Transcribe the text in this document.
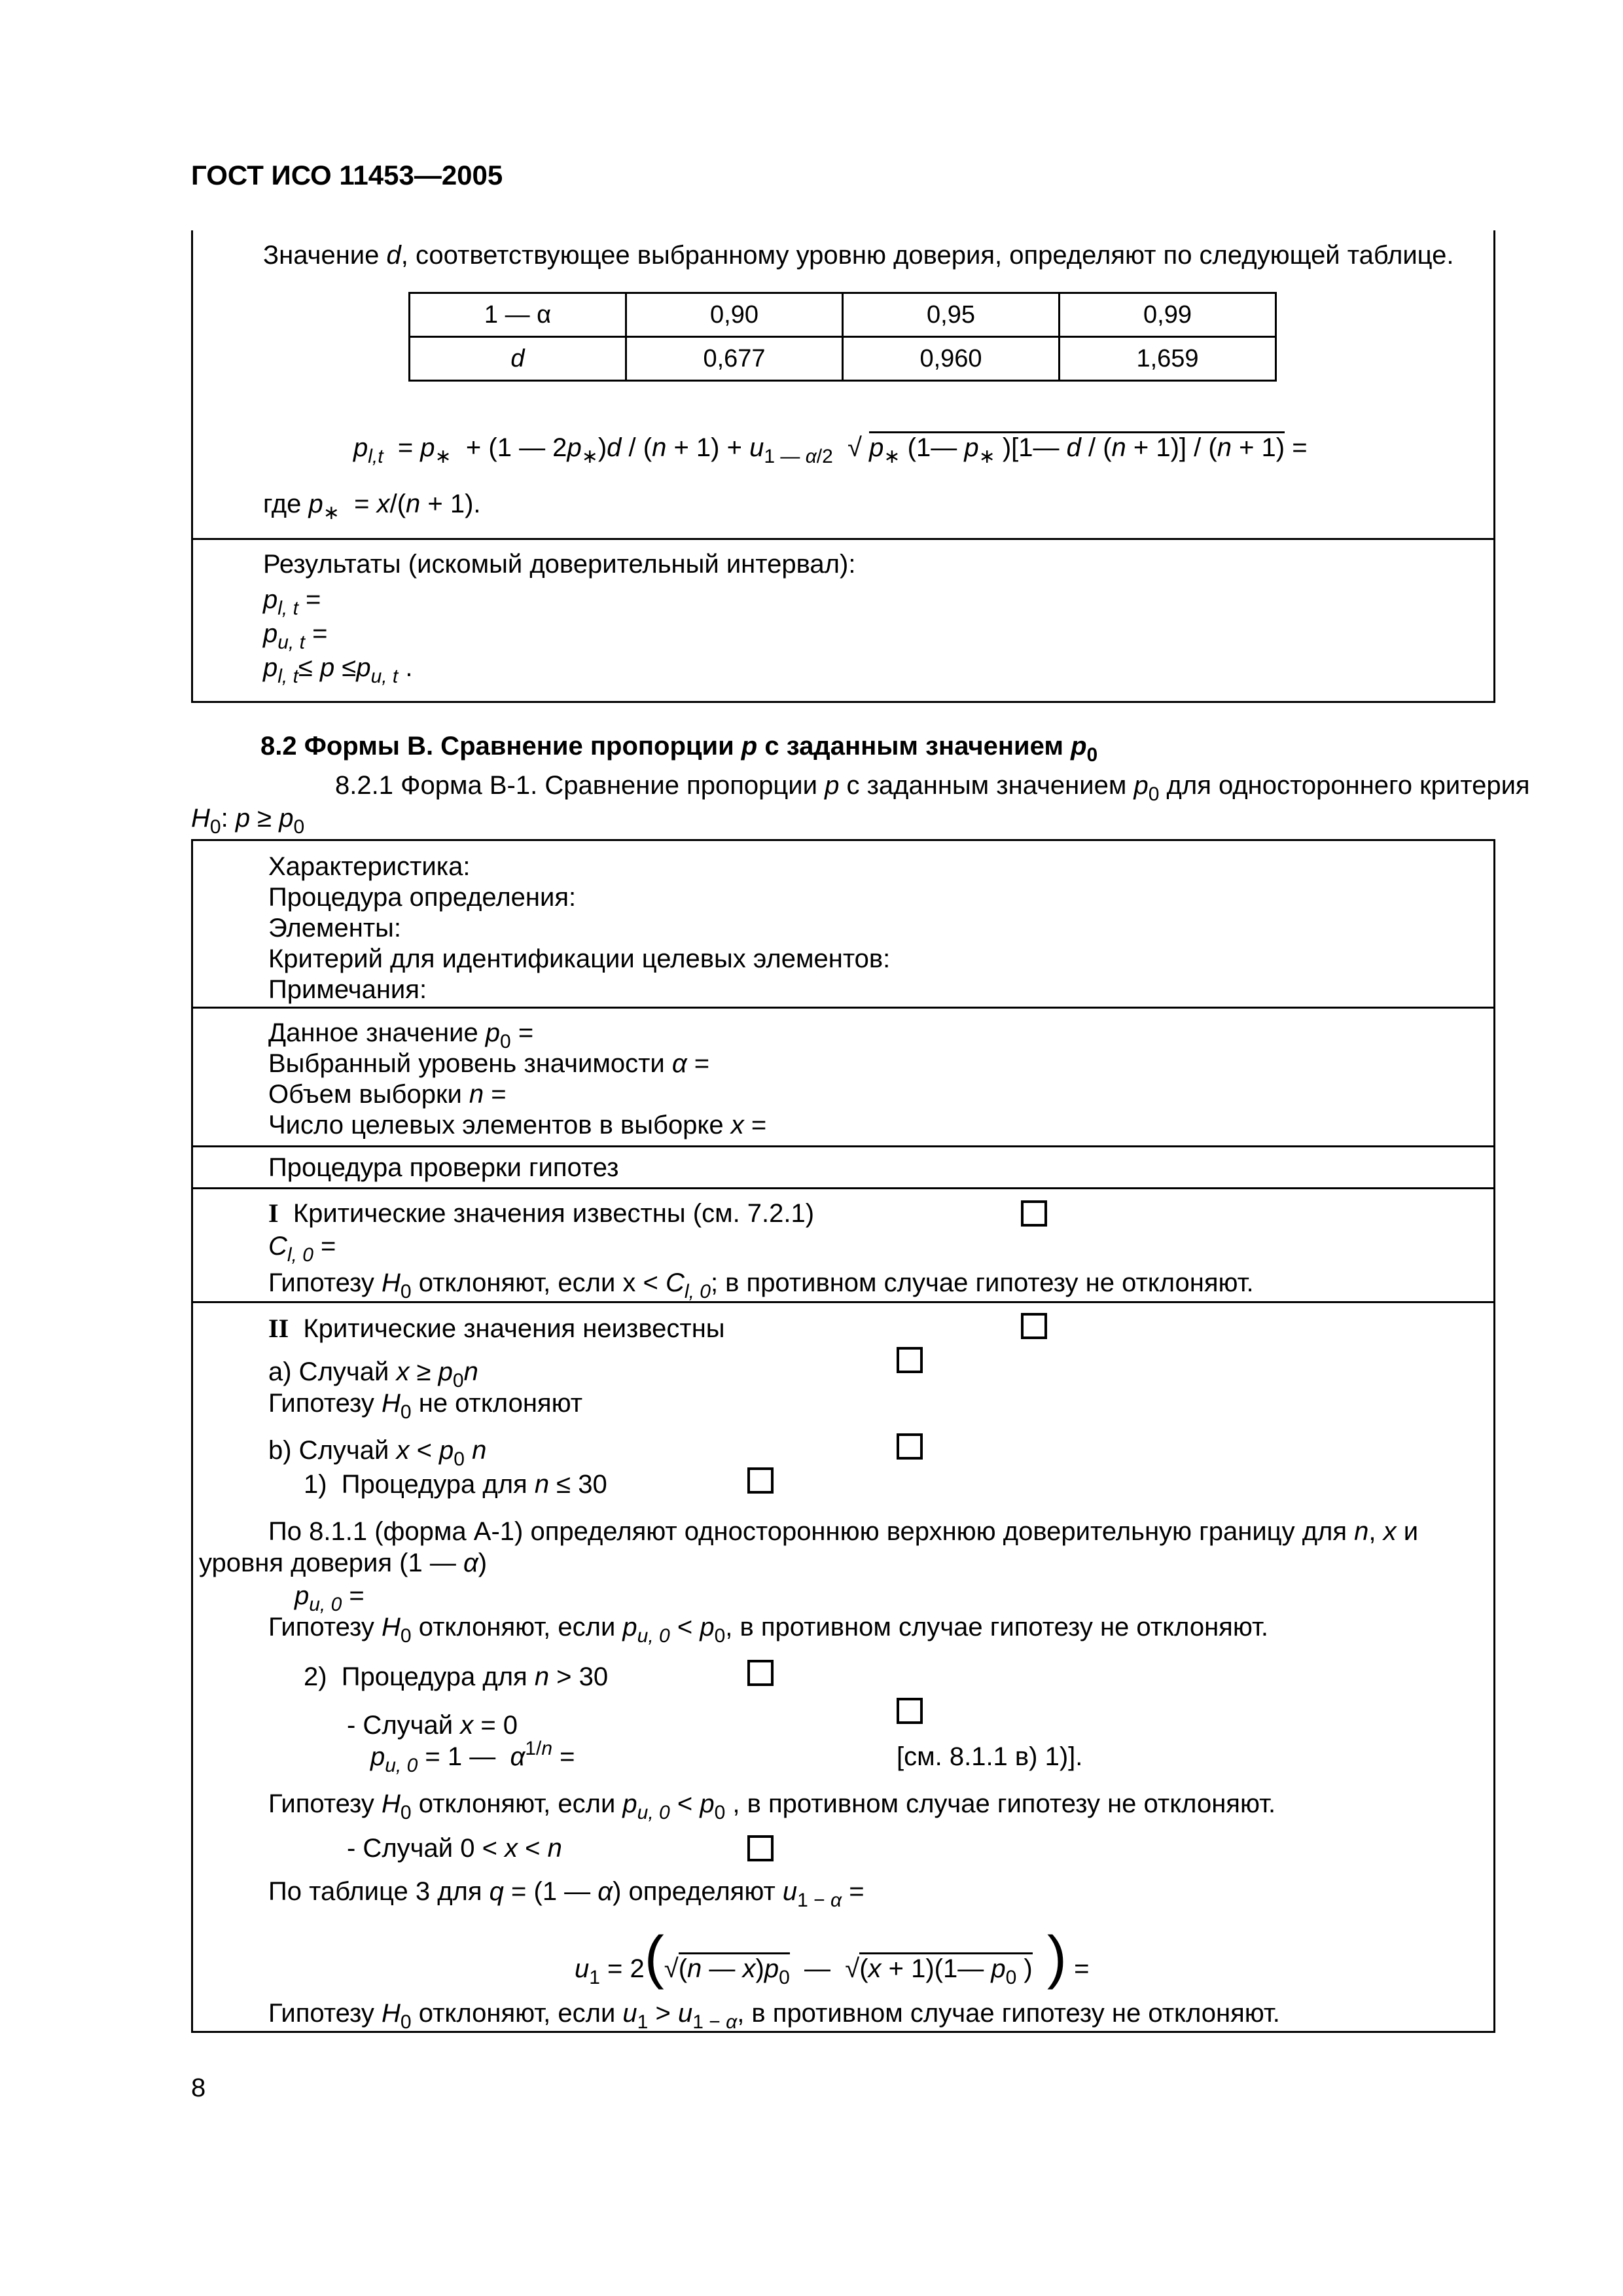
ГОСТ ИСО 11453—2005
Значение d, соответствующее выбранному уровню доверия, определяют по следующей таблице.
1 — α	0,90	0,95	0,99
d	0,677	0,960	1,659
$p_{l,t} = p_∗ + (1$ — $2p_∗)d / (n + 1) + u_{1 — \alpha/2}$  √ $p_∗$ (1— $p_∗$ )[1— d / (n + 1)] / (n + 1) =
где $p_∗ = x/(n + 1)$.
Результаты (искомый доверительный интервал):
$p_{l, t}$ =
$p_{u, t}$ =
$p_{l, t}\le p \le p_{u, t}$ .
8.2 Формы В. Сравнение пропорции p с заданным значением $p_0$
8.2.1 Форма В-1. Сравнение пропорции p с заданным значением $p_0$ для одностороннего критерия
$H_0$: $p \ge p_0$
Характеристика:
Процедура определения:
Элементы:
Критерий для идентификации целевых элементов:
Примечания:
Данное значение $p_0$ =
Выбранный уровень значимости α =
Объем выборки n =
Число целевых элементов в выборке x =
Процедура проверки гипотез
I Критические значения известны (см. 7.2.1)
$C_{l, 0}$ =
Гипотезу $H_0$ отклоняют, если $x < C_{l, 0}$; в противном случае гипотезу не отклоняют.
II Критические значения неизвестны
a) Случай $x \ge p_0n$
Гипотезу $H_0$ не отклоняют
b) Случай $x < p_0$ n
1)  Процедура для n ≤ 30
По 8.1.1 (форма А-1) определяют одностороннюю верхнюю доверительную границу для n, x и
уровня доверия (1 — α)
$p_{u, 0}$ =
Гипотезу $H_0$ отклоняют, если $p_{u, 0} < p_0$, в противном случае гипотезу не отклоняют.
2)  Процедура для n > 30
- Случай x = 0
$p_{u, 0} = 1$ —  $\alpha^{1/n}$ =	[см. 8.1.1 в) 1)].
Гипотезу $H_0$ отклоняют, если $p_{u, 0} < p_0$ , в противном случае гипотезу не отклоняют.
- Случай 0 < x < n
По таблице 3 для q = (1 — α) определяют $u_{1 - \alpha}$ =
$u_1 = 2(√(n$ — $x)p_0$  —  √(x + 1)(1— $p_0$ ) ) =
Гипотезу $H_0$ отклоняют, если $u_1 > u_{1 - \alpha}$, в противном случае гипотезу не отклоняют.
8
